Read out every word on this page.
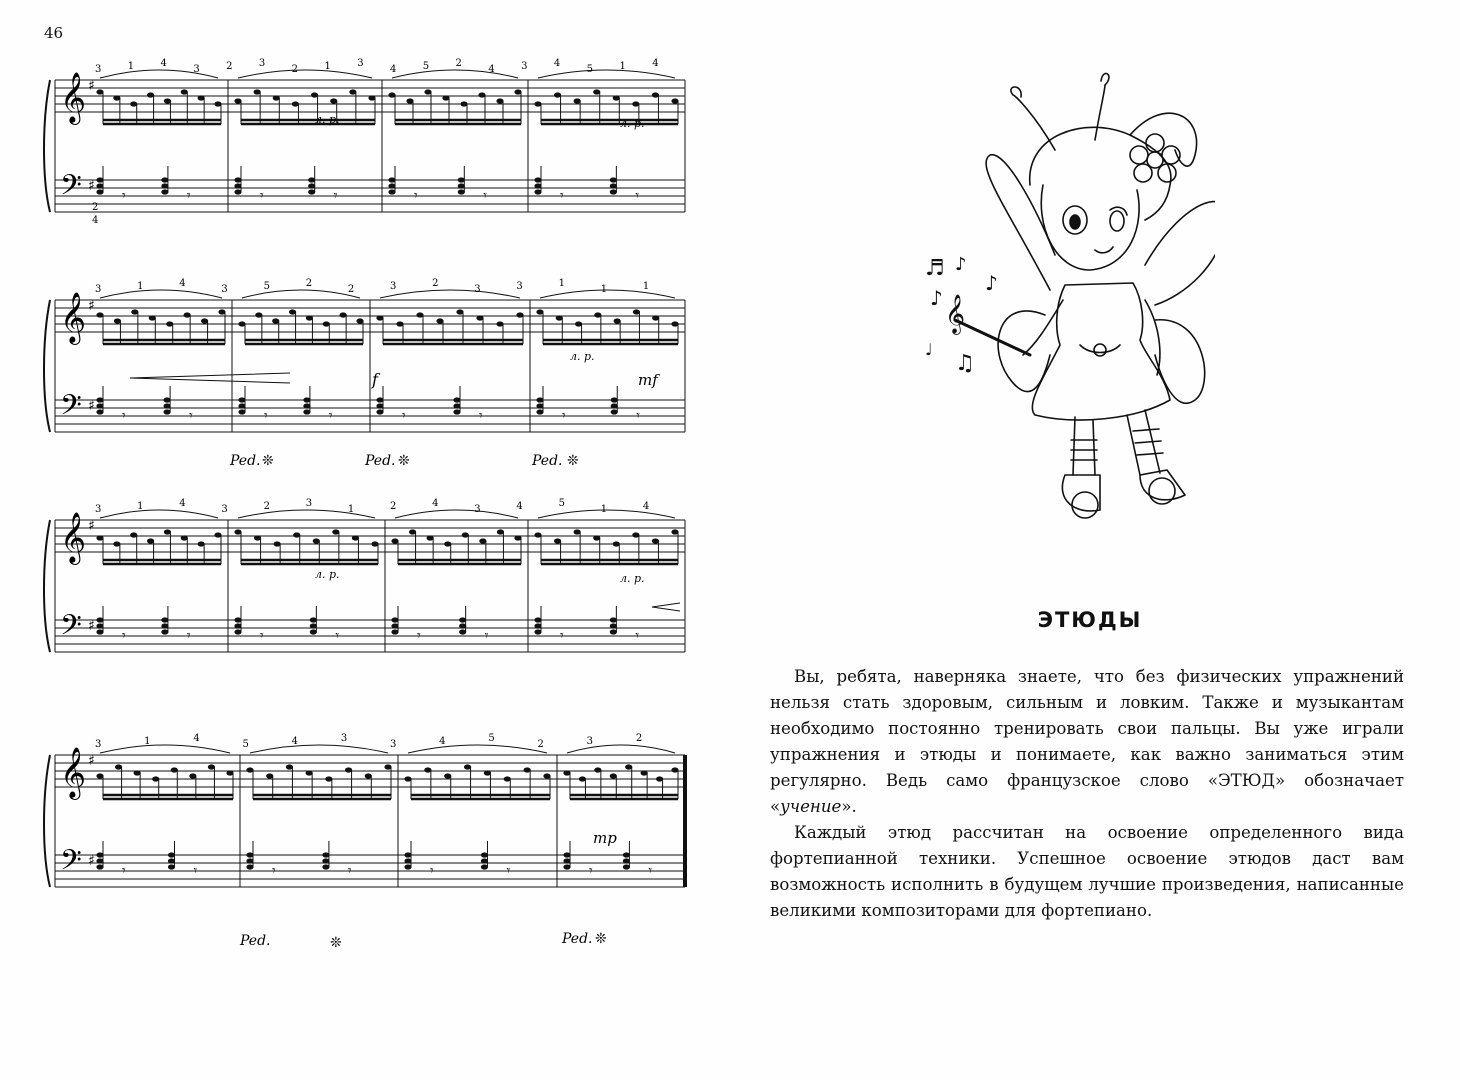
46
𝄞 ♯
𝄢 ♯
𝄾	𝄾	𝄾	𝄾	𝄾	𝄾	𝄾	𝄾
3	1	4
3	2	3
2	1	3
4	5	2
4	3	4
5	1	4
𝄞 ♯
𝄢 ♯
𝄾	𝄾	𝄾	𝄾	𝄾	𝄾	𝄾	𝄾
3	1	4
3	5	2
2	3	2
3	3	1
1	1
𝄞 ♯
𝄢 ♯
𝄾	𝄾	𝄾	𝄾	𝄾	𝄾	𝄾	𝄾
3	1	4
3	2	3
1	2	4
3	4	5
1	4
𝄞 ♯
𝄢 ♯
𝄾	𝄾	𝄾	𝄾	𝄾	𝄾	𝄾	𝄾
3	1	4
5	4	3
3	4	5
2	3	2
л. р.	л. р.
л. р.	л. р.
л. р.
f	mf
mp
Ped.	Ped.	Ped.
Ped.	Ped.
❊	❊	❊
❊	❊
2
4
♬ ♪
♪
♪ 𝄞
♩
♫
ЭТЮДЫ

Вы, ребята, наверняка знаете, что без физических упражнений нельзя стать здоровым, сильным и ловким. Также и музыкантам необходимо постоянно тренировать свои пальцы. Вы уже играли упражнения и этюды и понимаете, как важно заниматься этим регулярно. Ведь само французское слово «ЭТЮД» обозначает «учение».

Каждый этюд рассчитан на освоение определенного вида фортепианной техники. Успешное освоение этюдов даст вам возможность исполнить в будущем лучшие произведения, написанные великими композиторами для фортепиано.
